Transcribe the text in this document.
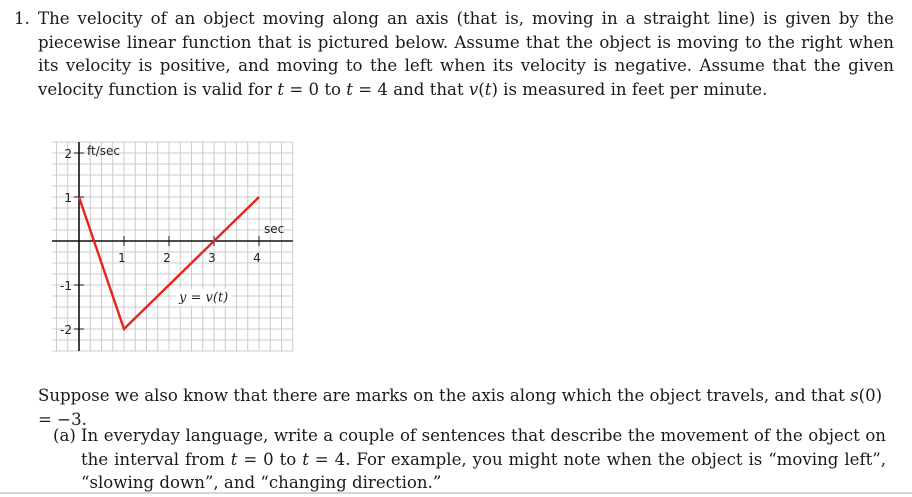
1. The velocity of an object moving along an axis (that is, moving in a straight line) is given by the piecewise linear function that is pictured below. Assume that the object is moving to the right when its velocity is positive, and moving to the left when its velocity is negative. Assume that the given velocity function is valid for t = 0 to t = 4 and that v(t) is measured in feet per minute.

1	2	3	4
2
1
-1
-2
ft/sec
sec
y = v(t)

Suppose we also know that there are marks on the axis along which the object travels, and that s(0) = −3.

(a) In everyday language, write a couple of sentences that describe the movement of the object on the interval from t = 0 to t = 4. For example, you might note when the object is “moving left”, “slowing down”, and “changing direction.”
